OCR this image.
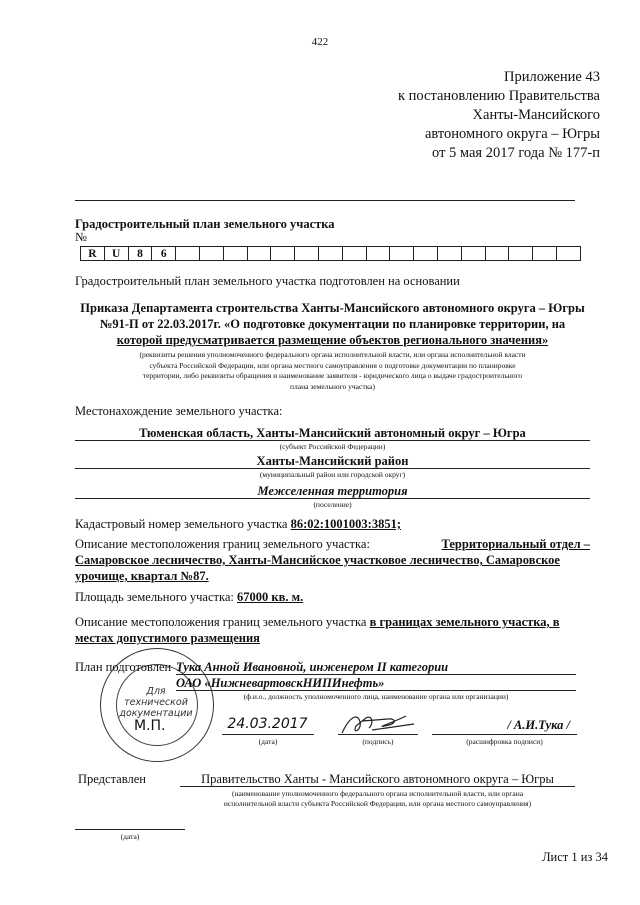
422
Приложение 43
к постановлению Правительства
Ханты-Мансийского
автономного округа – Югры
от 5 мая 2017 года № 177-п
Градостроительный план земельного участка
№
R	U	8	6																	
Градостроительный план земельного участка подготовлен на основании
Приказа Департамента строительства Ханты-Мансийского автономного округа – Югры
№91-П от 22.03.2017г. «О подготовке документации по планировке территории, на
которой предусматривается размещение объектов регионального значения»
(реквизиты решения уполномоченного федерального органа исполнительной власти, или органа исполнительной власти
субъекта Российской Федерации, или органа местного самоуправления о подготовке документации по планировке
территории, либо реквизиты обращения и наименование заявителя - юридического лица о выдаче градостроительного
плана земельного участка)
Местонахождение земельного участка:
Тюменская область, Ханты-Мансийский автономный округ – Югра
(субъект Российской Федерации)
Ханты-Мансийский район
(муниципальный район или городской округ)
Межселенная территория
(поселение)
Кадастровый номер земельного участка 86:02:1001003:3851;
Описание местоположения границ земельного участка:	Территориальный отдел –
Самаровское лесничество, Ханты-Мансийское участковое лесничество, Самаровское
урочище, квартал №87.
Площадь земельного участка: 67000 кв. м.
Описание местоположения границ земельного участка в границах земельного участка, в
местах допустимого размещения
Для
технической
документации
План подготовлен Тука Анной Ивановной, инженером II категории
ОАО «НижневартовскНИПИнефть»
(ф.и.о., должность уполномоченного лица, наименование органа или организации)
М.П.	24.03.2017
(дата)	(подпись)
/ А.И.Тука /
(расшифровка подписи)
Представлен	Правительство Ханты - Мансийского автономного округа – Югры
(наименование уполномоченного федерального органа исполнительной власти, или органа
исполнительной власти субъекта Российской Федерации, или органа местного самоуправления)
(дата)
Лист 1 из 34
